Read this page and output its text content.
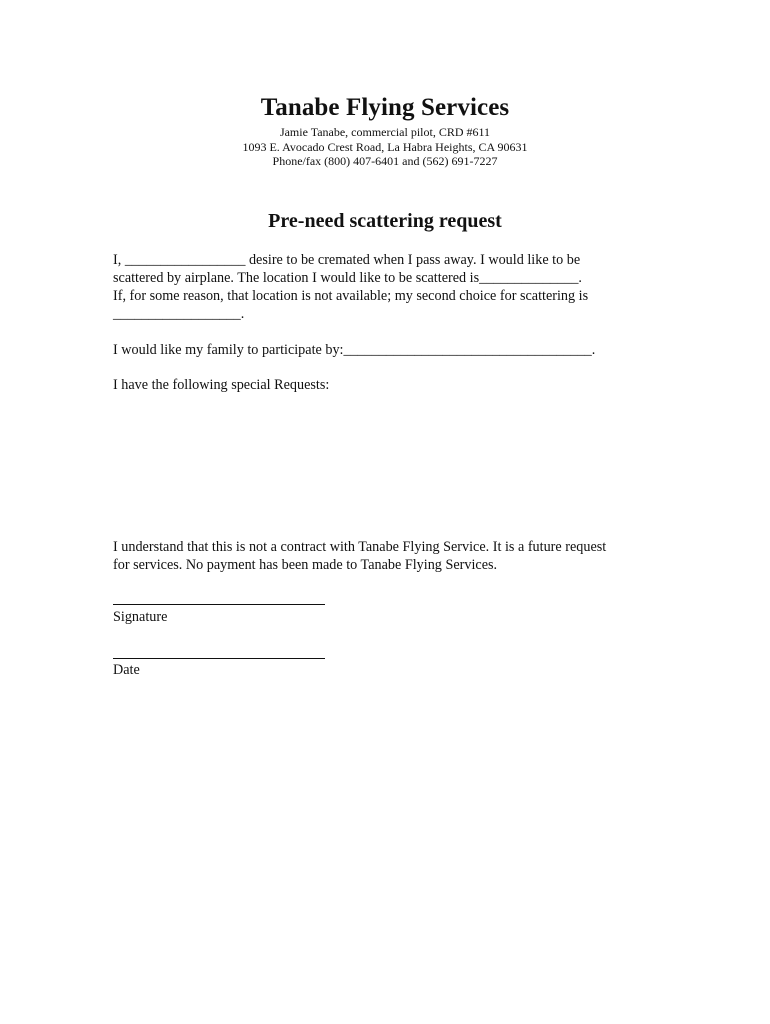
Tanabe Flying Services
Jamie Tanabe, commercial pilot, CRD #611
1093 E. Avocado Crest Road, La Habra Heights, CA 90631
Phone/fax (800) 407-6401 and (562) 691-7227
Pre-need scattering request
I, _________________ desire to be cremated when I pass away. I would like to be
scattered by airplane. The location I would like to be scattered is______________.
If, for some reason, that location is not available; my second choice for scattering is
__________________.
I would like my family to participate by:___________________________________.
I have the following special Requests:
I understand that this is not a contract with Tanabe Flying Service. It is a future request
for services. No payment has been made to Tanabe Flying Services.
Signature
Date
